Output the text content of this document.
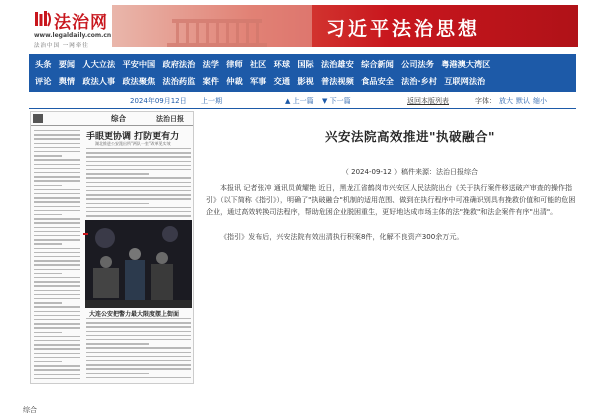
法治网
www.legaldaily.com.cn
法治中国 一网牵往
习近平法治思想
头条 要闻 人大立法 平安中国 政府法治 法学 律师 社区 环球 国际 法治雄安 综合新闻 公司法务 粤港澳大湾区
评论 舆情 政法人事 政法聚焦 法治药监 案件 仲裁 军事 交通 影视 普法视频 食品安全 法治·乡村 互联网法治
2024年09月12日 上一期	▲ 上一篇 ▼ 下一篇	返回本版列表	字体： 放大 默认 缩小
综合	法治日报
手眼更协调 打防更有力
湖北推进公安派出所"两队一室"改革见实效
大连公安把警力最大限度摆上街面
兴安法院高效推进"执破融合"
（ 2024-09-12 ）稿件来源：法治日报综合

本报讯 记者张冲 通讯员黄耀艳 近日，黑龙江省鹤岗市兴安区人民法院出台《关于执行案件移送破产审查的操作指引》（以下简称《指引》），明确了"执破融合"机制的适用范围、做到在执行程序中可准确识别具有挽救价值和可能的危困企业，通过高效转换司法程序，帮助危困企业脱困重生，更好地达成市场主体的法"挽救"和法企案件有序"出清"。

《指引》发布后，兴安法院有效出清执行积案8件，化解不良资产300余万元。

综合
